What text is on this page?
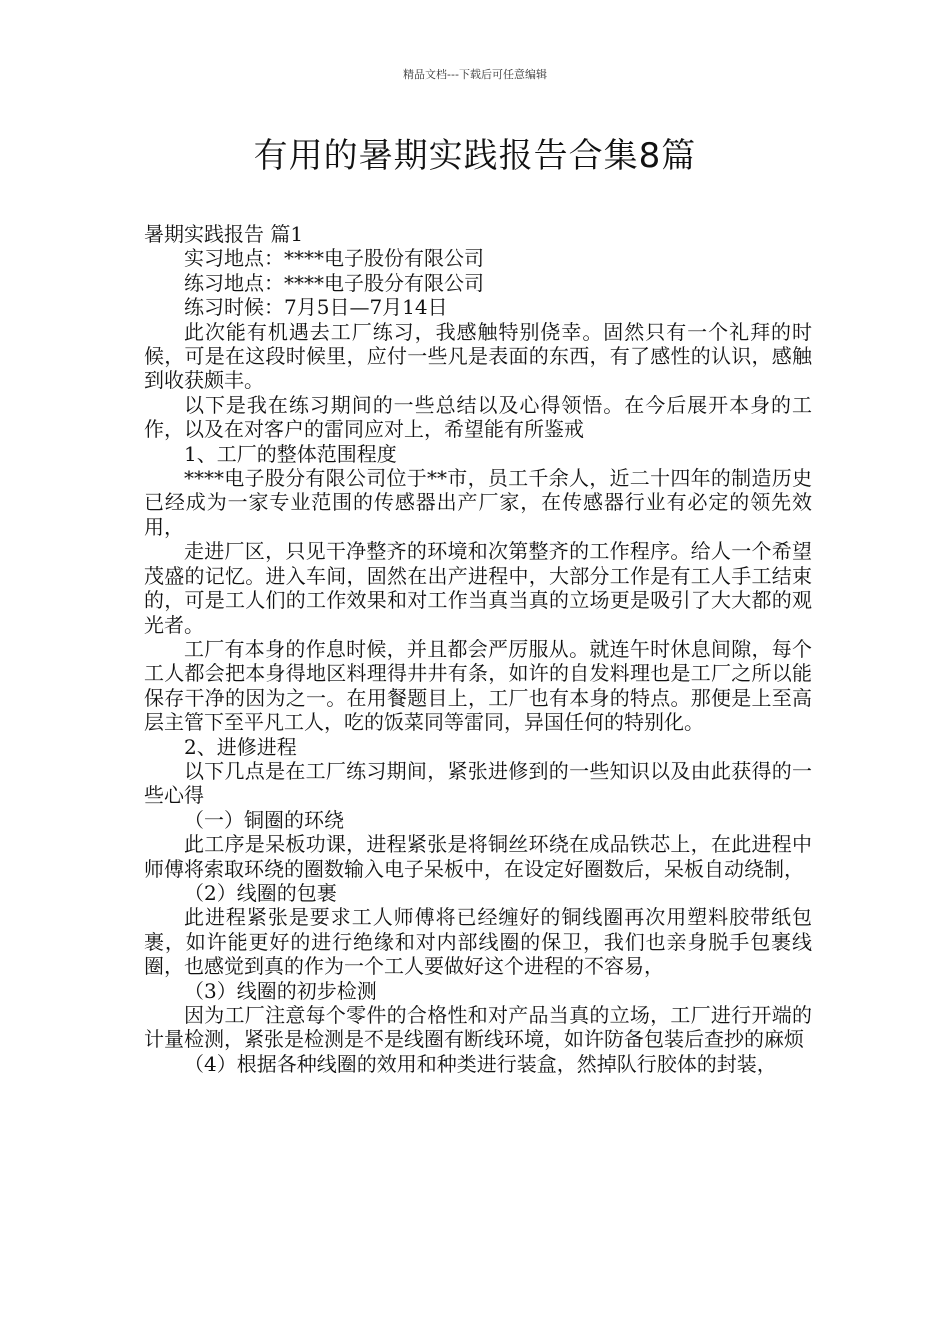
精品文档---下载后可任意编辑
有用的暑期实践报告合集8篇

暑期实践报告 篇1

实习地点：****电子股份有限公司

练习地点：****电子股分有限公司

练习时候：7月5日—7月14日

此次能有机遇去工厂练习，我感触特别侥幸。固然只有一个礼拜的时候，可是在这段时候里，应付一些凡是表面的东西，有了感性的认识，感触到收获颇丰。

以下是我在练习期间的一些总结以及心得领悟。在今后展开本身的工作，以及在对客户的雷同应对上，希望能有所鉴戒

1、工厂的整体范围程度

****电子股分有限公司位于**市，员工千余人，近二十四年的制造历史已经成为一家专业范围的传感器出产厂家，在传感器行业有必定的领先效用，

走进厂区，只见干净整齐的环境和次第整齐的工作程序。给人一个希望茂盛的记忆。进入车间，固然在出产进程中，大部分工作是有工人手工结束的，可是工人们的工作效果和对工作当真当真的立场更是吸引了大大都的观光者。

工厂有本身的作息时候，并且都会严厉服从。就连午时休息间隙，每个工人都会把本身得地区料理得井井有条，如许的自发料理也是工厂之所以能保存干净的因为之一。在用餐题目上，工厂也有本身的特点。那便是上至高层主管下至平凡工人，吃的饭菜同等雷同，异国任何的特别化。

2、进修进程

以下几点是在工厂练习期间，紧张进修到的一些知识以及由此获得的一些心得

（一）铜圈的环绕

此工序是呆板功课，进程紧张是将铜丝环绕在成品铁芯上，在此进程中师傅将索取环绕的圈数输入电子呆板中，在设定好圈数后，呆板自动绕制，

（2）线圈的包裹

此进程紧张是要求工人师傅将已经缠好的铜线圈再次用塑料胶带纸包裹，如许能更好的进行绝缘和对内部线圈的保卫，我们也亲身脱手包裹线圈，也感觉到真的作为一个工人要做好这个进程的不容易，

（3）线圈的初步检测

因为工厂注意每个零件的合格性和对产品当真的立场，工厂进行开端的计量检测，紧张是检测是不是线圈有断线环境，如许防备包装后查抄的麻烦

（4）根据各种线圈的效用和种类进行装盒，然掉队行胶体的封装，
